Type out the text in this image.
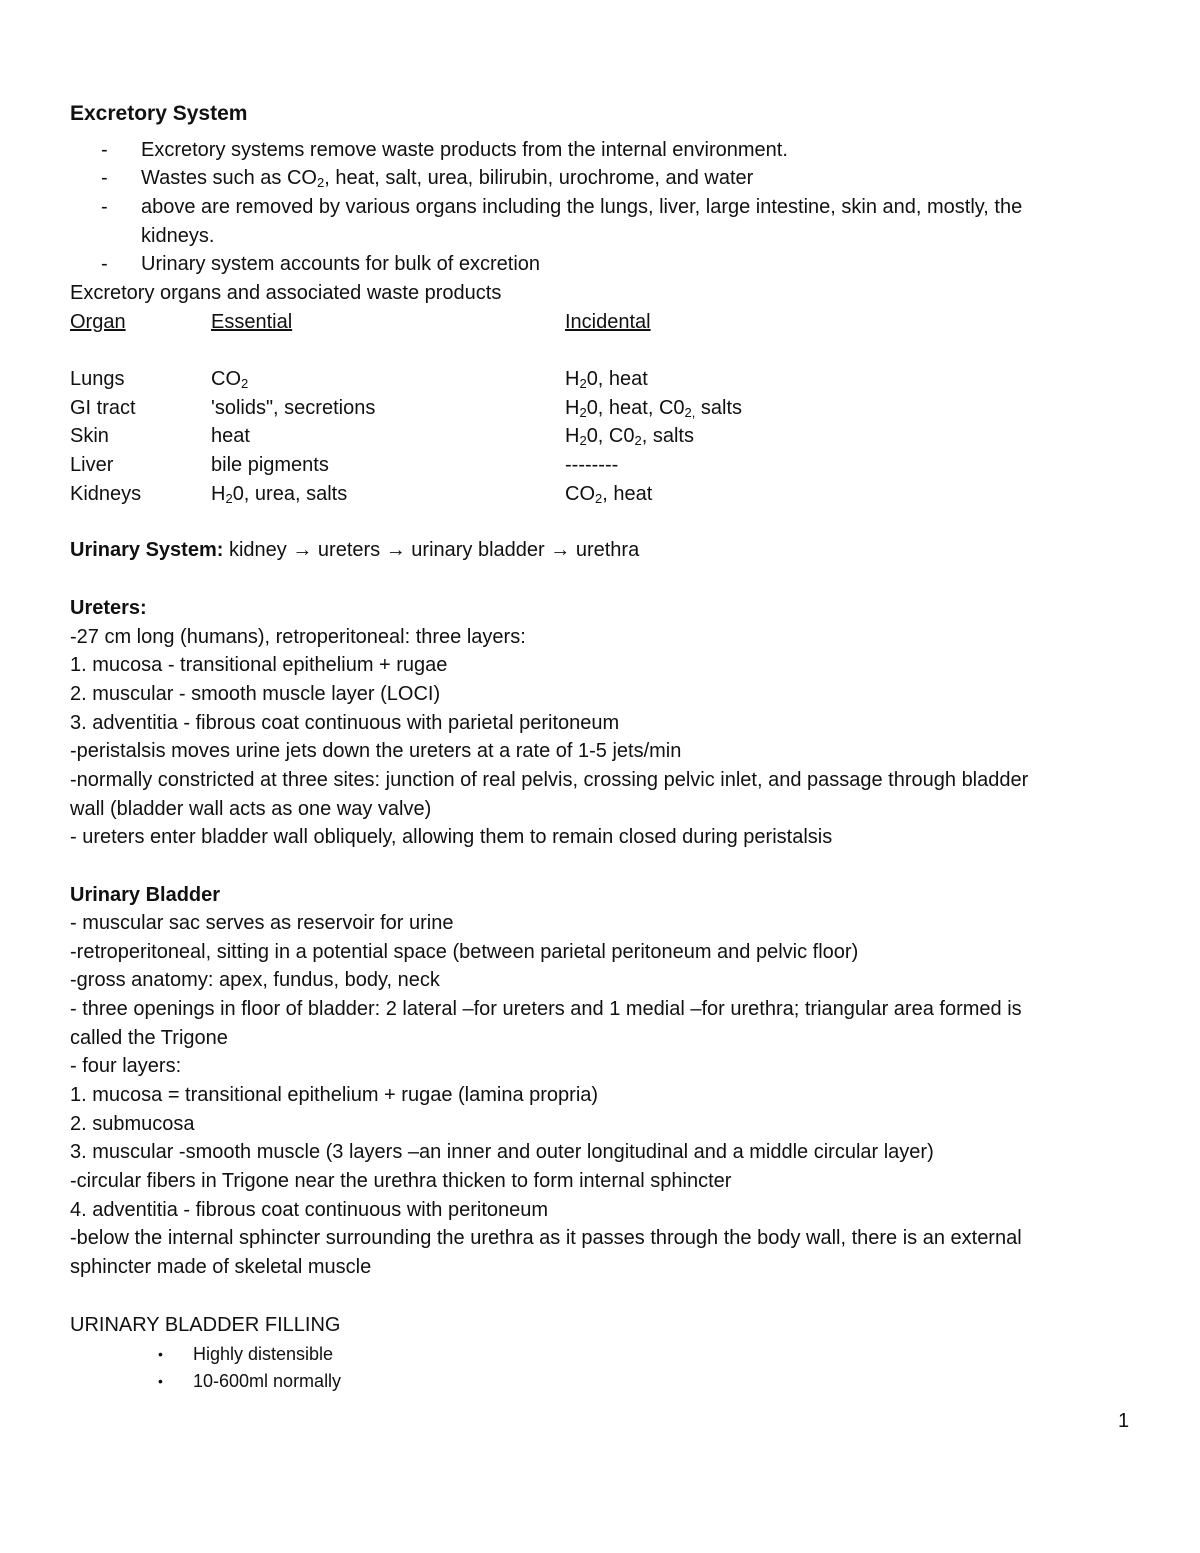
Excretory System
- Excretory systems remove waste products from the internal environment.
- Wastes such as $CO_2$, heat, salt, urea, bilirubin, urochrome, and water
- above are removed by various organs including the lungs, liver, large intestine, skin and, mostly, the
kidneys.
- Urinary system accounts for bulk of excretion
Excretory organs and associated waste products
Organ	Essential	Incidental
Lungs	$CO_2$	$H_20$, heat
GI tract	'solids", secretions	$H_20$, heat, $C0_{2,}$ salts
Skin	heat	$H_20$, $C0_2$, salts
Liver	bile pigments	--------
Kidneys	$H_20$, urea, salts	$CO_2$, heat
Urinary System: kidney → ureters → urinary bladder → urethra
Ureters:
-27 cm long (humans), retroperitoneal: three layers:
1. mucosa - transitional epithelium + rugae
2. muscular - smooth muscle layer (LOCI)
3. adventitia - fibrous coat continuous with parietal peritoneum
-peristalsis moves urine jets down the ureters at a rate of 1-5 jets/min
-normally constricted at three sites: junction of real pelvis, crossing pelvic inlet, and passage through bladder
wall (bladder wall acts as one way valve)
- ureters enter bladder wall obliquely, allowing them to remain closed during peristalsis
Urinary Bladder
- muscular sac serves as reservoir for urine
-retroperitoneal, sitting in a potential space (between parietal peritoneum and pelvic floor)
-gross anatomy: apex, fundus, body, neck
- three openings in floor of bladder: 2 lateral –for ureters and 1 medial –for urethra; triangular area formed is
called the Trigone
- four layers:
1. mucosa = transitional epithelium + rugae (lamina propria)
2. submucosa
3. muscular -smooth muscle (3 layers –an inner and outer longitudinal and a middle circular layer)
-circular fibers in Trigone near the urethra thicken to form internal sphincter
4. adventitia - fibrous coat continuous with peritoneum
-below the internal sphincter surrounding the urethra as it passes through the body wall, there is an external
sphincter made of skeletal muscle
URINARY BLADDER FILLING
• Highly distensible
• 10-600ml normally
1
